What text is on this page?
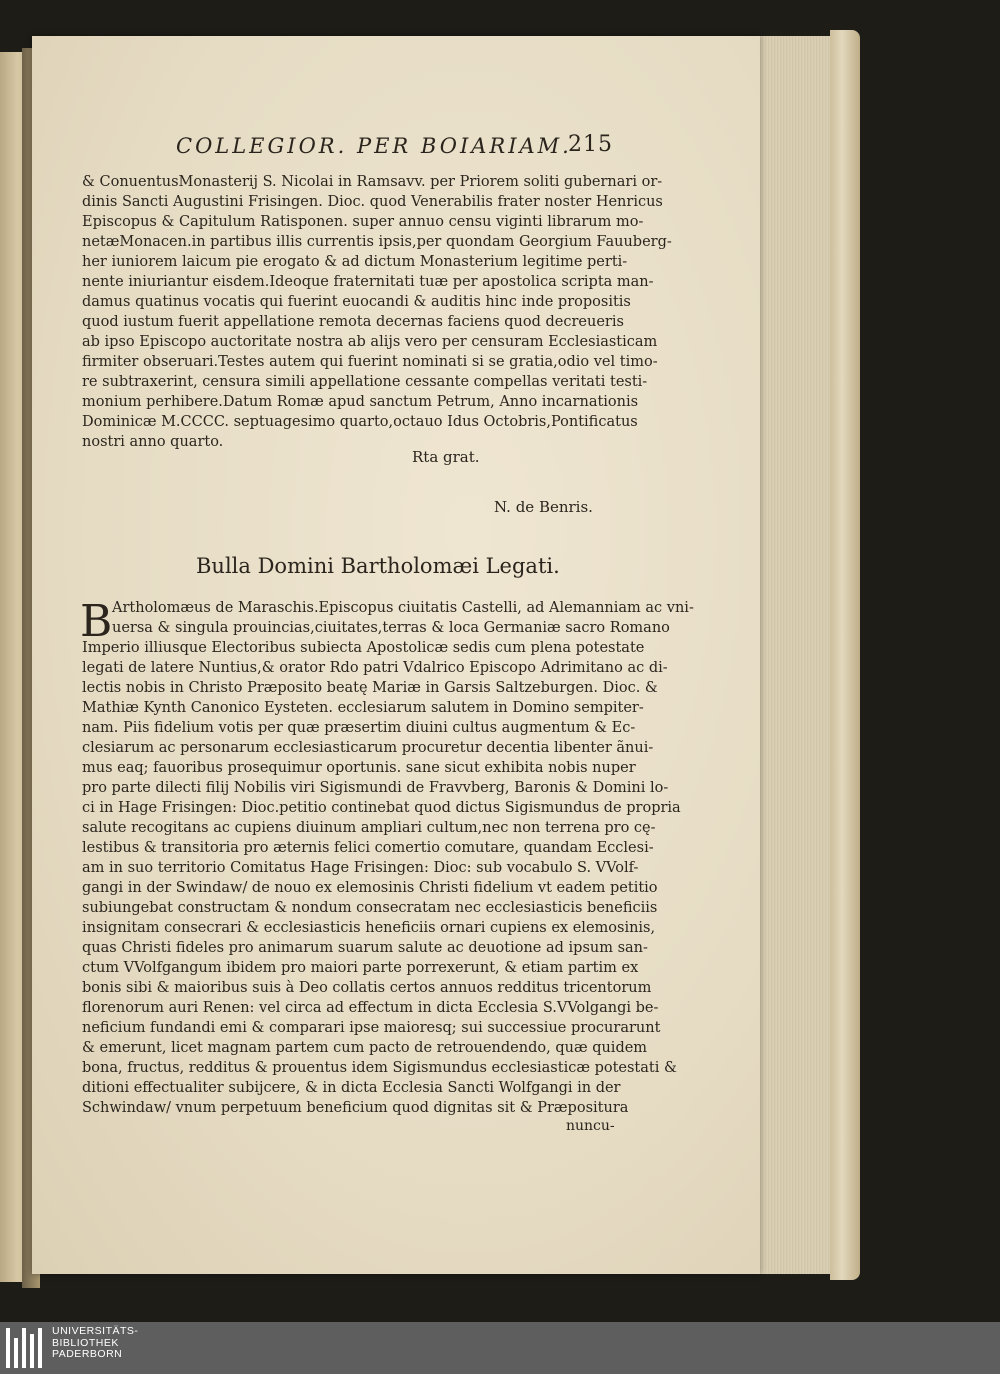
COLLEGIOR. PER BOIARIAM.
215
& ConuentusMonasterij S. Nicolai in Ramsavv. per Priorem soliti gubernari or-
dinis Sancti Augustini Frisingen. Dioc. quod Venerabilis frater noster Henricus
Episcopus & Capitulum Ratisponen. super annuo censu viginti librarum mo-
netæMonacen.in partibus illis currentis ipsis,per quondam Georgium Fauuberg-
her iuniorem laicum pie erogato & ad dictum Monasterium legitime perti-
nente iniuriantur eisdem.Ideoque fraternitati tuæ per apostolica scripta man-
damus quatinus vocatis qui fuerint euocandi & auditis hinc inde propositis
quod iustum fuerit appellatione remota decernas faciens quod decreueris
ab ipso Episcopo auctoritate nostra ab alijs vero per censuram Ecclesiasticam
firmiter obseruari.Testes autem qui fuerint nominati si se gratia,odio vel timo-
re subtraxerint, censura simili appellatione cessante compellas veritati testi-
monium perhibere.Datum Romæ apud sanctum Petrum, Anno incarnationis
Dominicæ M.CCCC. septuagesimo quarto,octauo Idus Octobris,Pontificatus
nostri anno quarto.
Rta grat.
N. de Benris.
Bulla Domini Bartholomæi Legati.
B Artholomæus de Maraschis.Episcopus ciuitatis Castelli, ad Alemanniam ac vni-
uersa & singula prouincias,ciuitates,terras & loca Germaniæ sacro Romano
Imperio illiusque Electoribus subiecta Apostolicæ sedis cum plena potestate
legati de latere Nuntius,& orator Rdo patri Vdalrico Episcopo Adrimitano ac di-
lectis nobis in Christo Præposito beatę Mariæ in Garsis Saltzeburgen. Dioc. &
Mathiæ Kynth Canonico Eysteten. ecclesiarum salutem in Domino sempiter-
nam. Piis fidelium votis per quæ præsertim diuini cultus augmentum & Ec-
clesiarum ac personarum ecclesiasticarum procuretur decentia libenter ãnui-
mus eaq; fauoribus prosequimur oportunis. sane sicut exhibita nobis nuper
pro parte dilecti filij Nobilis viri Sigismundi de Fravvberg, Baronis & Domini lo-
ci in Hage Frisingen: Dioc.petitio continebat quod dictus Sigismundus de propria
salute recogitans ac cupiens diuinum ampliari cultum,nec non terrena pro cę-
lestibus & transitoria pro æternis felici comertio comutare, quandam Ecclesi-
am in suo territorio Comitatus Hage Frisingen: Dioc: sub vocabulo S. VVolf-
gangi in der Swindaw/ de nouo ex elemosinis Christi fidelium vt eadem petitio
subiungebat constructam & nondum consecratam nec ecclesiasticis beneficiis
insignitam consecrari & ecclesiasticis heneficiis ornari cupiens ex elemosinis,
quas Christi fideles pro animarum suarum salute ac deuotione ad ipsum san-
ctum VVolfgangum ibidem pro maiori parte porrexerunt, & etiam partim ex
bonis sibi & maioribus suis à Deo collatis certos annuos redditus tricentorum
florenorum auri Renen: vel circa ad effectum in dicta Ecclesia S.VVolgangi be-
neficium fundandi emi & comparari ipse maioresq; sui successiue procurarunt
& emerunt, licet magnam partem cum pacto de retrouendendo, quæ quidem
bona, fructus, redditus & prouentus idem Sigismundus ecclesiasticæ potestati &
ditioni effectualiter subijcere, & in dicta Ecclesia Sancti Wolfgangi in der
Schwindaw/ vnum perpetuum beneficium quod dignitas sit & Præpositura
nuncu-
UNIVERSITÄTS-
BIBLIOTHEK
PADERBORN
